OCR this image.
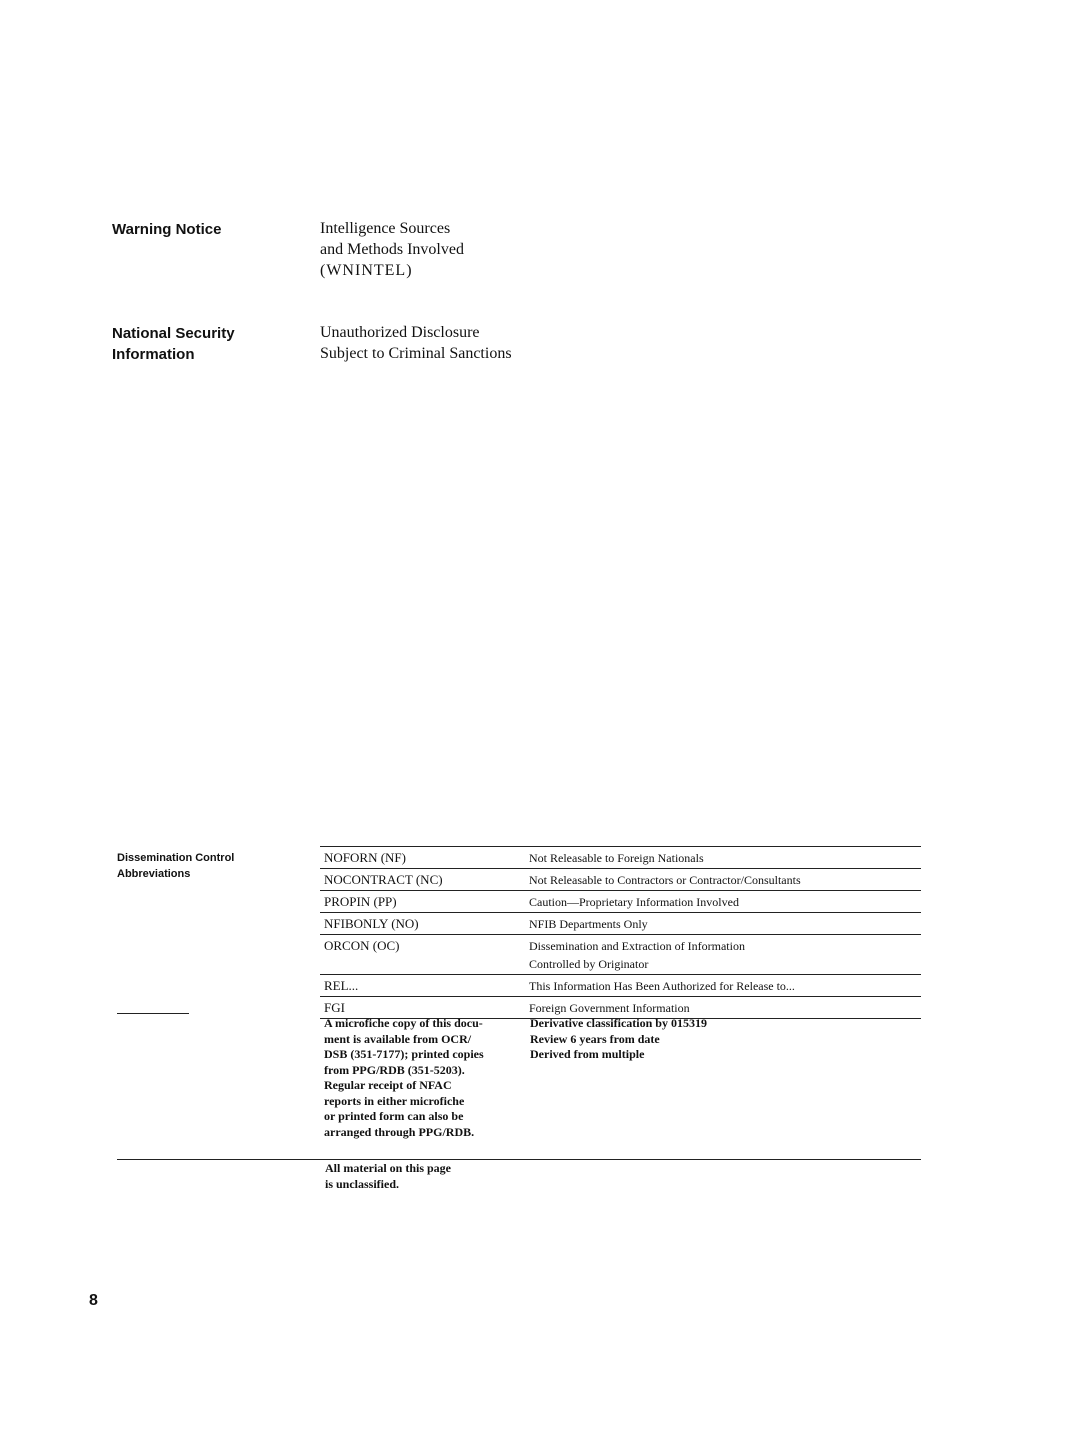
Warning Notice	Intelligence Sources
and Methods Involved
(WNINTEL)
National Security
Information
Unauthorized Disclosure
Subject to Criminal Sanctions
Dissemination Control
Abbreviations
NOFORN (NF)	Not Releasable to Foreign Nationals
NOCONTRACT (NC)	Not Releasable to Contractors or Contractor/Consultants
PROPIN (PP)	Caution—Proprietary Information Involved
NFIBONLY (NO)	NFIB Departments Only
ORCON (OC)	Dissemination and Extraction of Information
Controlled by Originator
REL...	This Information Has Been Authorized for Release to...
FGI	Foreign Government Information
A microfiche copy of this docu-
ment is available from OCR/
DSB (351-7177); printed copies
from PPG/RDB (351-5203).
Regular receipt of NFAC
reports in either microfiche
or printed form can also be
arranged through PPG/RDB.
Derivative classification by 015319
Review 6 years from date
Derived from multiple
All material on this page
is unclassified.
8
